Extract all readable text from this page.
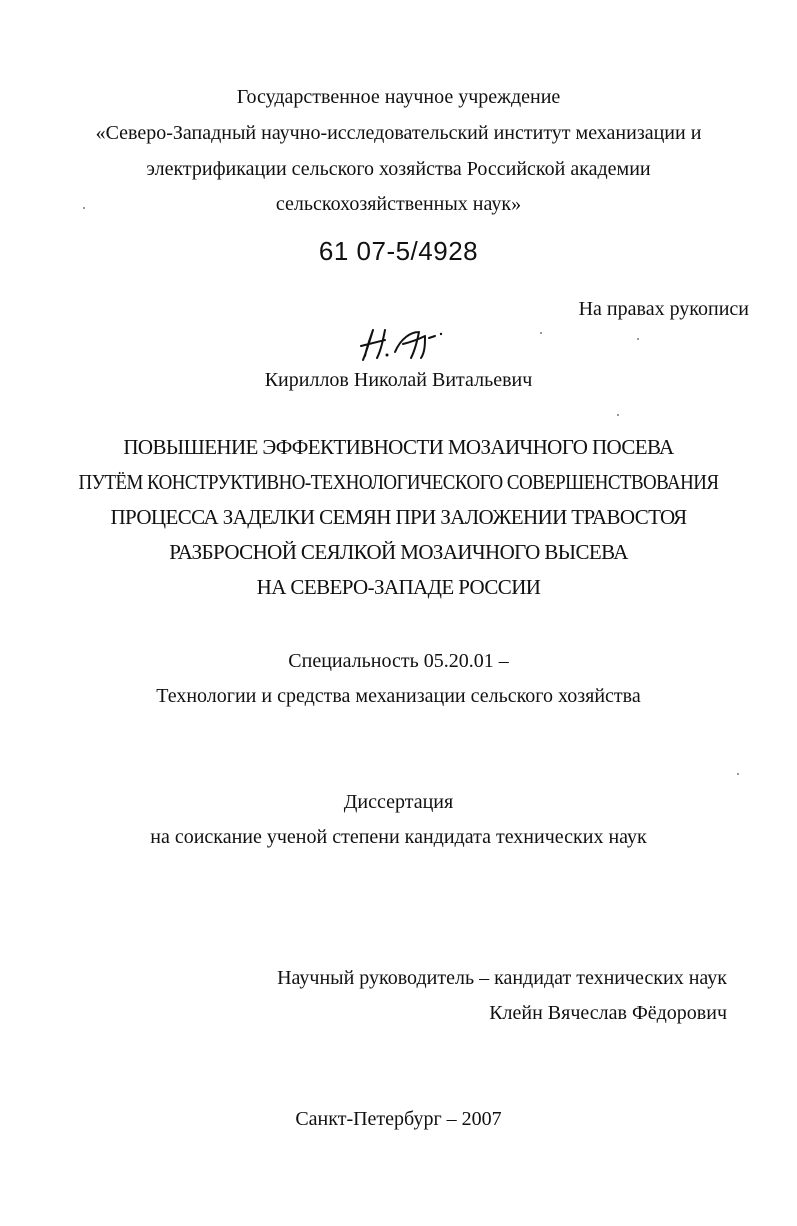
Государственное научное учреждение
«Северо-Западный научно-исследовательский институт механизации и
электрификации сельского хозяйства Российской академии
сельскохозяйственных наук»
61 07-5/4928
На правах рукописи
Кириллов Николай Витальевич
ПОВЫШЕНИЕ ЭФФЕКТИВНОСТИ МОЗАИЧНОГО ПОСЕВА
ПУТЁМ КОНСТРУКТИВНО-ТЕХНОЛОГИЧЕСКОГО СОВЕРШЕНСТВОВАНИЯ
ПРОЦЕССА ЗАДЕЛКИ СЕМЯН ПРИ ЗАЛОЖЕНИИ ТРАВОСТОЯ
РАЗБРОСНОЙ СЕЯЛКОЙ МОЗАИЧНОГО ВЫСЕВА
НА СЕВЕРО-ЗАПАДЕ РОССИИ
Специальность 05.20.01 –
Технологии и средства механизации сельского хозяйства
Диссертация
на соискание ученой степени кандидата технических наук
Научный руководитель – кандидат технических наук
Клейн Вячеслав Фёдорович
Санкт-Петербург – 2007
